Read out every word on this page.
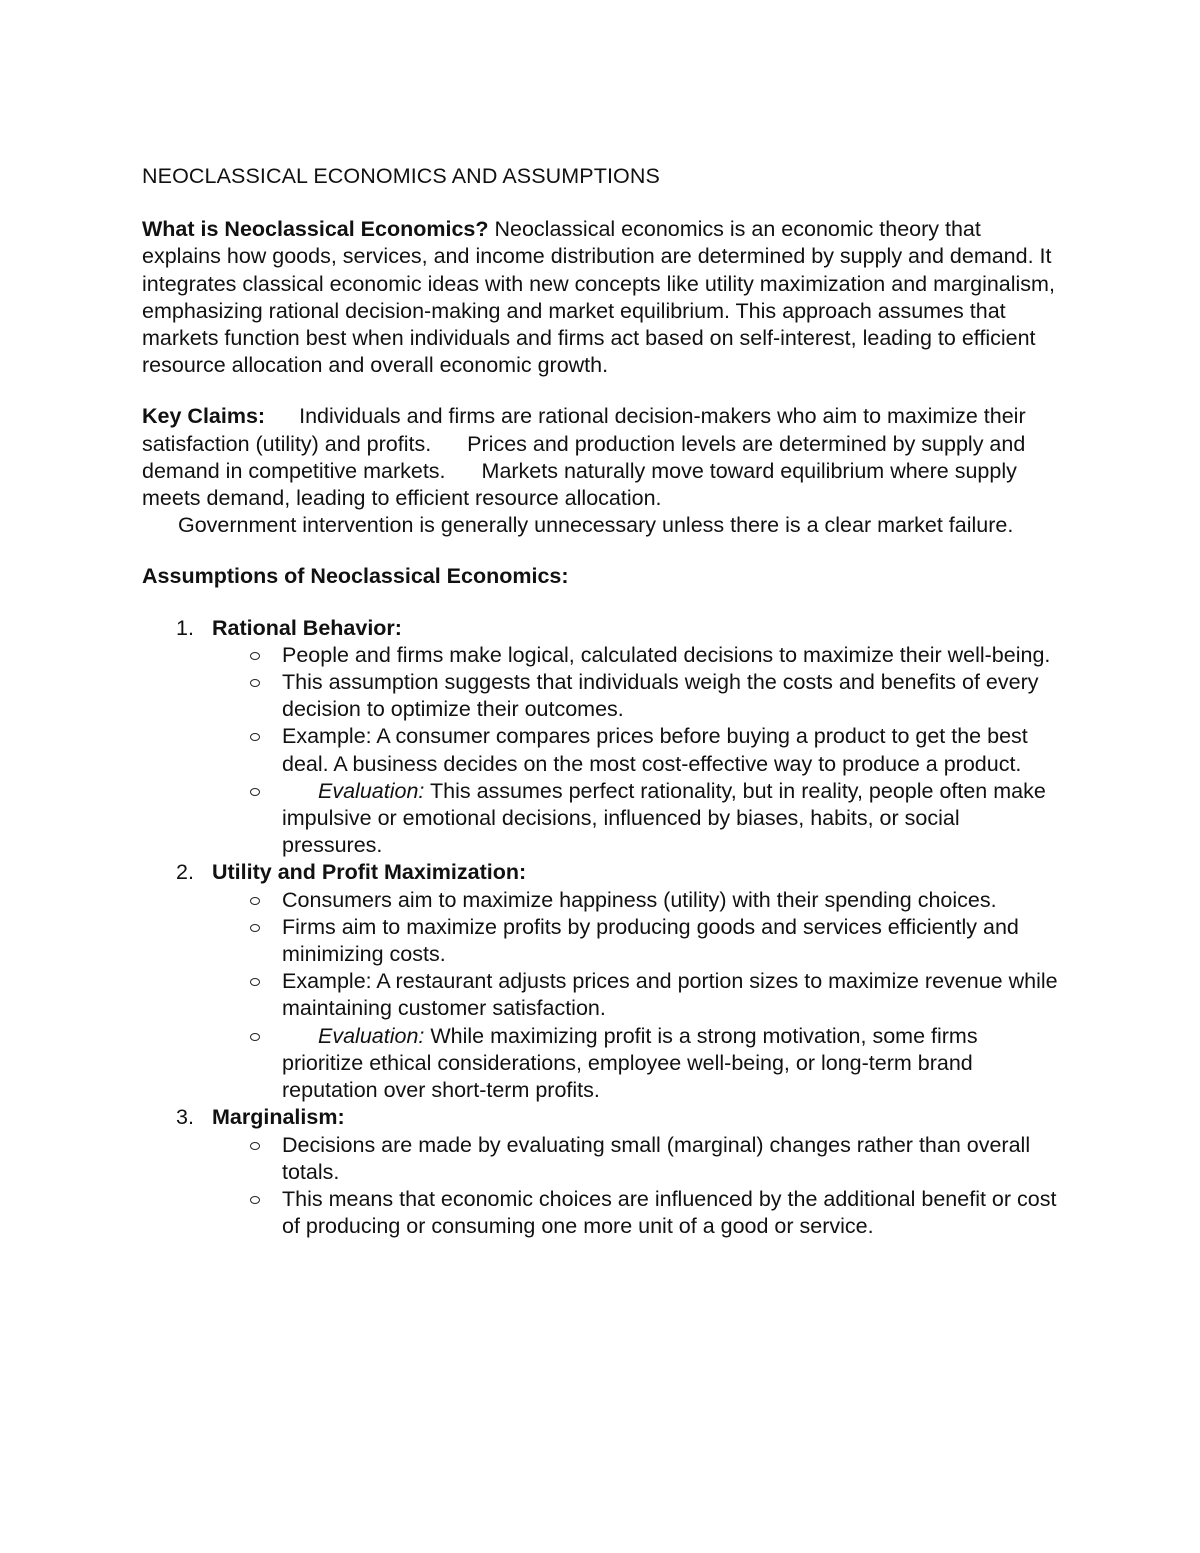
NEOCLASSICAL ECONOMICS AND ASSUMPTIONS

What is Neoclassical Economics? Neoclassical economics is an economic theory that explains how goods, services, and income distribution are determined by supply and demand. It integrates classical economic ideas with new concepts like utility maximization and marginalism, emphasizing rational decision-making and market equilibrium. This approach assumes that markets function best when individuals and firms act based on self-interest, leading to efficient resource allocation and overall economic growth.

Key Claims: Individuals and firms are rational decision-makers who aim to maximize their satisfaction (utility) and profits. Prices and production levels are determined by supply and demand in competitive markets. Markets naturally move toward equilibrium where supply meets demand, leading to efficient resource allocation.
Government intervention is generally unnecessary unless there is a clear market failure.

Assumptions of Neoclassical Economics:

1. Rational Behavior:
People and firms make logical, calculated decisions to maximize their well-being.
This assumption suggests that individuals weigh the costs and benefits of every decision to optimize their outcomes.
Example: A consumer compares prices before buying a product to get the best deal. A business decides on the most cost-effective way to produce a product.
Evaluation: This assumes perfect rationality, but in reality, people often make impulsive or emotional decisions, influenced by biases, habits, or social pressures.
2. Utility and Profit Maximization:
Consumers aim to maximize happiness (utility) with their spending choices.
Firms aim to maximize profits by producing goods and services efficiently and minimizing costs.
Example: A restaurant adjusts prices and portion sizes to maximize revenue while maintaining customer satisfaction.
Evaluation: While maximizing profit is a strong motivation, some firms prioritize ethical considerations, employee well-being, or long-term brand reputation over short-term profits.
3. Marginalism:
Decisions are made by evaluating small (marginal) changes rather than overall totals.
This means that economic choices are influenced by the additional benefit or cost of producing or consuming one more unit of a good or service.
